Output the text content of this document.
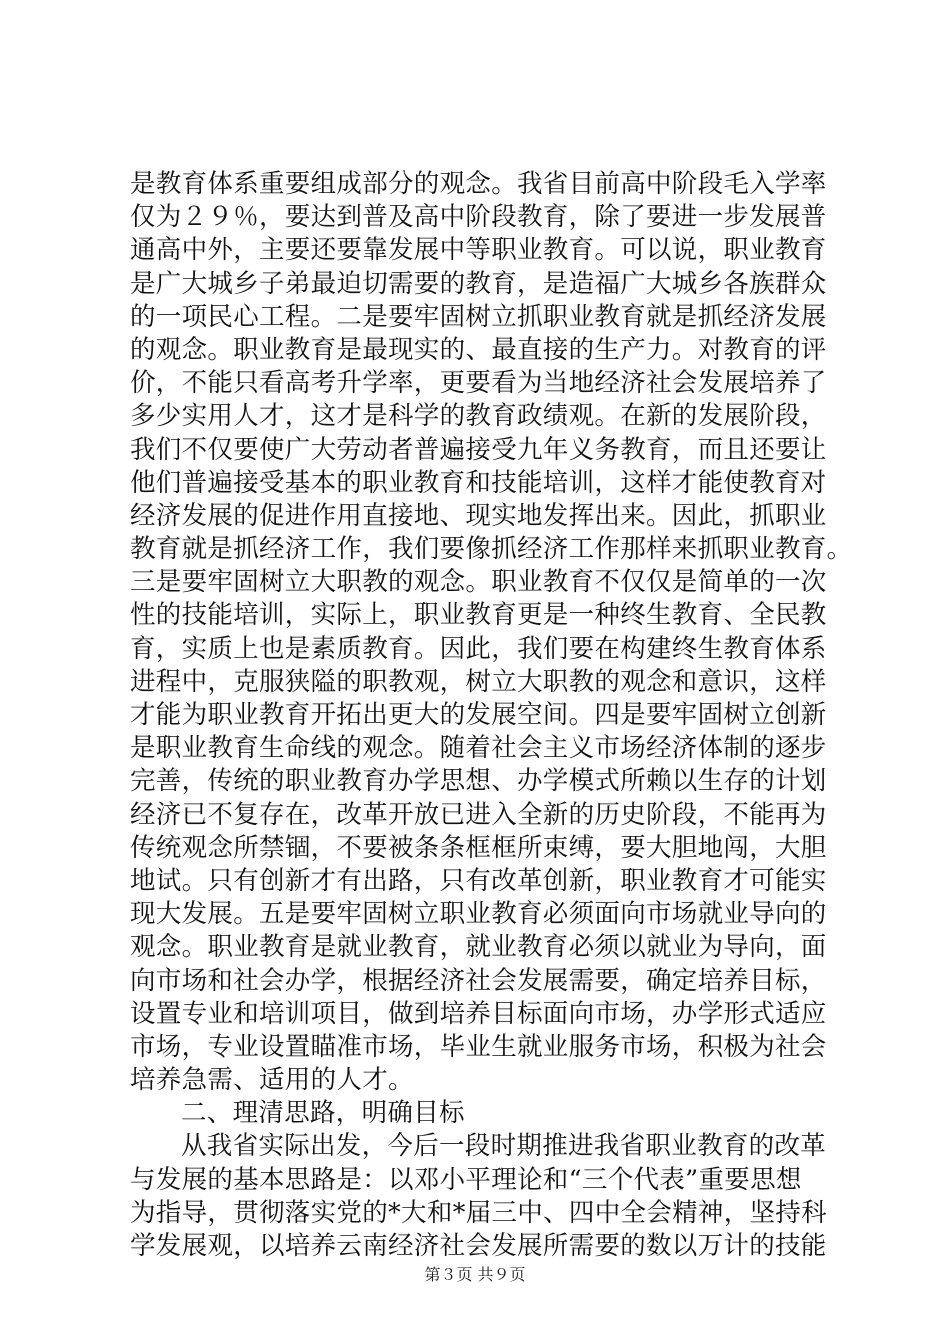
是教育体系重要组成部分的观念。我省目前高中阶段毛入学率
仅为２９％，要达到普及高中阶段教育，除了要进一步发展普
通高中外，主要还要靠发展中等职业教育。可以说，职业教育
是广大城乡子弟最迫切需要的教育，是造福广大城乡各族群众
的一项民心工程。二是要牢固树立抓职业教育就是抓经济发展
的观念。职业教育是最现实的、最直接的生产力。对教育的评
价，不能只看高考升学率，更要看为当地经济社会发展培养了
多少实用人才，这才是科学的教育政绩观。在新的发展阶段，
我们不仅要使广大劳动者普遍接受九年义务教育，而且还要让
他们普遍接受基本的职业教育和技能培训，这样才能使教育对
经济发展的促进作用直接地、现实地发挥出来。因此，抓职业
教育就是抓经济工作，我们要像抓经济工作那样来抓职业教育。
三是要牢固树立大职教的观念。职业教育不仅仅是简单的一次
性的技能培训，实际上，职业教育更是一种终生教育、全民教
育，实质上也是素质教育。因此，我们要在构建终生教育体系
进程中，克服狭隘的职教观，树立大职教的观念和意识，这样
才能为职业教育开拓出更大的发展空间。四是要牢固树立创新
是职业教育生命线的观念。随着社会主义市场经济体制的逐步
完善，传统的职业教育办学思想、办学模式所赖以生存的计划
经济已不复存在，改革开放已进入全新的历史阶段，不能再为
传统观念所禁锢，不要被条条框框所束缚，要大胆地闯，大胆
地试。只有创新才有出路，只有改革创新，职业教育才可能实
现大发展。五是要牢固树立职业教育必须面向市场就业导向的
观念。职业教育是就业教育，就业教育必须以就业为导向，面
向市场和社会办学，根据经济社会发展需要，确定培养目标，
设置专业和培训项目，做到培养目标面向市场，办学形式适应
市场，专业设置瞄准市场，毕业生就业服务市场，积极为社会
培养急需、适用的人才。
二、理清思路，明确目标
从我省实际出发，今后一段时期推进我省职业教育的改革
与发展的基本思路是：以邓小平理论和“三个代表”重要思想
为指导，贯彻落实党的*大和*届三中、四中全会精神，坚持科
学发展观，以培养云南经济社会发展所需要的数以万计的技能
第３页 共９页
